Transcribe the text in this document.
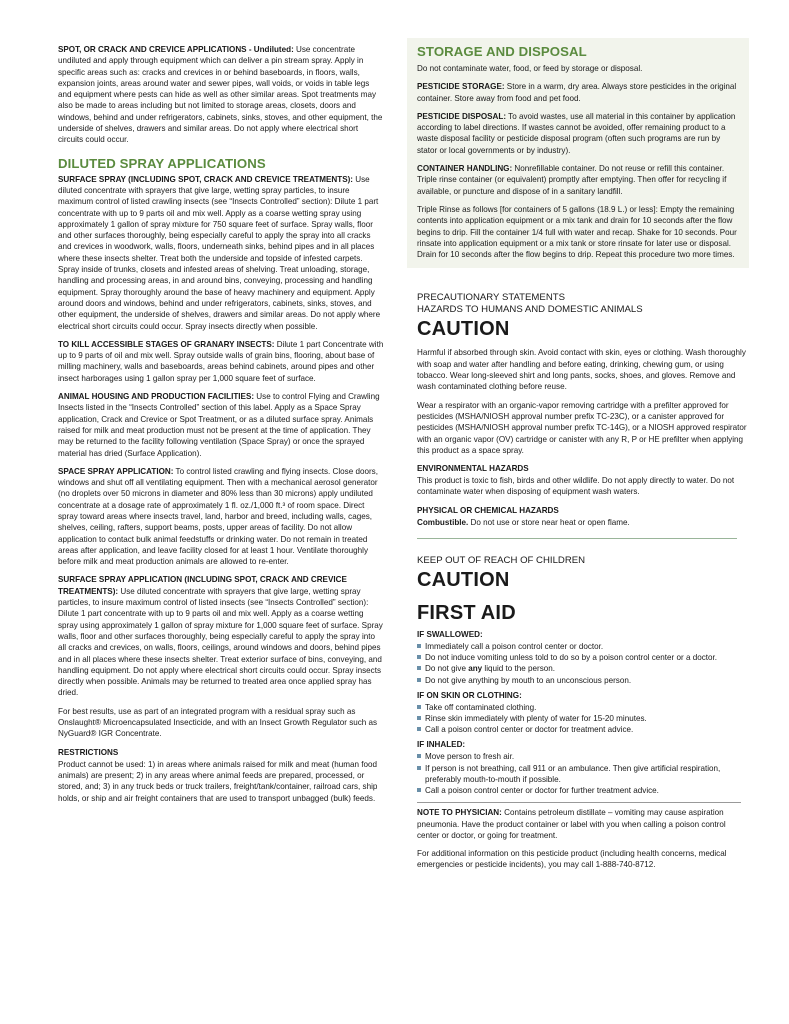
SPOT, OR CRACK AND CREVICE APPLICATIONS - Undiluted: Use concentrate undiluted and apply through equipment which can deliver a pin stream spray. Apply in specific areas such as: cracks and crevices in or behind baseboards, in floors, walls, expansion joints, areas around water and sewer pipes, wall voids, or voids in table legs and equipment where pests can hide as well as other similar areas. Spot treatments may also be made to areas including but not limited to storage areas, closets, doors and windows, behind and under refrigerators, cabinets, sinks, stoves, and other equipment, the underside of shelves, drawers and similar areas. Do not apply where electrical short circuits could occur.

DILUTED SPRAY APPLICATIONS

SURFACE SPRAY (INCLUDING SPOT, CRACK AND CREVICE TREATMENTS): Use diluted concentrate with sprayers that give large, wetting spray particles, to insure maximum control of listed crawling insects (see “Insects Controlled” section): Dilute 1 part concentrate with up to 9 parts oil and mix well. Apply as a coarse wetting spray using approximately 1 gallon of spray mixture for 750 square feet of surface. Spray walls, floor and other surfaces thoroughly, being especially careful to apply the spray into all cracks and crevices in woodwork, walls, floors, underneath sinks, behind pipes and in all places where these insects shelter. Treat both the underside and topside of infested carpets. Spray inside of trunks, closets and infested areas of shelving. Treat unloading, storage, handling and processing areas, in and around bins, conveying, processing and handling equipment. Spray thoroughly around the base of heavy machinery and equipment. Apply around doors and windows, behind and under refrigerators, cabinets, sinks, stoves, and other equipment, the underside of shelves, drawers and similar areas. Do not apply where electrical short circuits could occur. Spray insects directly when possible.

TO KILL ACCESSIBLE STAGES OF GRANARY INSECTS: Dilute 1 part Concentrate with up to 9 parts of oil and mix well. Spray outside walls of grain bins, flooring, about base of milling machinery, walls and baseboards, areas behind cabinets, around pipes and other insect harborages using 1 gallon spray per 1,000 square feet of surface.

ANIMAL HOUSING AND PRODUCTION FACILITIES: Use to control Flying and Crawling Insects listed in the “Insects Controlled” section of this label. Apply as a Space Spray application, Crack and Crevice or Spot Treatment, or as a diluted surface spray. Animals raised for milk and meat production must not be present at the time of application. They may be returned to the facility following ventilation (Space Spray) or once the sprayed material has dried (Surface Application).

SPACE SPRAY APPLICATION: To control listed crawling and flying insects. Close doors, windows and shut off all ventilating equipment. Then with a mechanical aerosol generator (no droplets over 50 microns in diameter and 80% less than 30 microns) apply undiluted concentrate at a dosage rate of approximately 1 fl. oz./1,000 ft.³ of room space. Direct spray toward areas where insects travel, land, harbor and breed, including walls, cages, shelves, ceiling, rafters, support beams, posts, upper areas of facility. Do not allow application to contact bulk animal feedstuffs or drinking water. Do not remain in treated areas after application, and leave facility closed for at least 1 hour. Ventilate thoroughly before milk and meat production animals are allowed to re-enter.

SURFACE SPRAY APPLICATION (INCLUDING SPOT, CRACK AND CREVICE TREATMENTS): Use diluted concentrate with sprayers that give large, wetting spray particles, to insure maximum control of listed insects (see “Insects Controlled” section): Dilute 1 part concentrate with up to 9 parts oil and mix well. Apply as a coarse wetting spray using approximately 1 gallon of spray mixture for 1,000 square feet of surface. Spray walls, floor and other surfaces thoroughly, being especially careful to apply the spray into all cracks and crevices, on walls, floors, ceilings, around windows and doors, behind pipes and in all places where these insects shelter. Treat exterior surface of bins, conveying, and handling equipment. Do not apply where electrical short circuits could occur. Spray insects directly when possible. Animals may be returned to treated area once applied spray has dried.

For best results, use as part of an integrated program with a residual spray such as Onslaught® Microencapsulated Insecticide, and with an Insect Growth Regulator such as NyGuard® IGR Concentrate.

RESTRICTIONS

Product cannot be used: 1) in areas where animals raised for milk and meat (human food animals) are present; 2) in any areas where animal feeds are prepared, processed, or stored, and; 3) in any truck beds or truck trailers, freight/tank/container, railroad cars, ship holds, or ship and air freight containers that are used to transport unbagged (bulk) feeds.

STORAGE AND DISPOSAL

Do not contaminate water, food, or feed by storage or disposal.

PESTICIDE STORAGE: Store in a warm, dry area. Always store pesticides in the original container. Store away from food and pet food.

PESTICIDE DISPOSAL: To avoid wastes, use all material in this container by application according to label directions. If wastes cannot be avoided, offer remaining product to a waste disposal facility or pesticide disposal program (often such programs are run by stator or local governments or by industry).

CONTAINER HANDLING: Nonrefillable container. Do not reuse or refill this container. Triple rinse container (or equivalent) promptly after emptying. Then offer for recycling if available, or puncture and dispose of in a sanitary landfill.

Triple Rinse as follows [for containers of 5 gallons (18.9 L.) or less]: Empty the remaining contents into application equipment or a mix tank and drain for 10 seconds after the flow begins to drip. Fill the container 1/4 full with water and recap. Shake for 10 seconds. Pour rinsate into application equipment or a mix tank or store rinsate for later use or disposal. Drain for 10 seconds after the flow begins to drip. Repeat this procedure two more times.

PRECAUTIONARY STATEMENTS

HAZARDS TO HUMANS AND DOMESTIC ANIMALS

CAUTION

Harmful if absorbed through skin. Avoid contact with skin, eyes or clothing. Wash thoroughly with soap and water after handling and before eating, drinking, chewing gum, or using tobacco. Wear long-sleeved shirt and long pants, socks, shoes, and gloves. Remove and wash contaminated clothing before reuse.

Wear a respirator with an organic-vapor removing cartridge with a prefilter approved for pesticides (MSHA/NIOSH approval number prefix TC-23C), or a canister approved for pesticides (MSHA/NIOSH approval number prefix TC-14G), or a NIOSH approved respirator with an organic vapor (OV) cartridge or canister with any R, P or HE prefilter when applying this product as a space spray.

ENVIRONMENTAL HAZARDS

This product is toxic to fish, birds and other wildlife. Do not apply directly to water. Do not contaminate water when disposing of equipment wash waters.

PHYSICAL OR CHEMICAL HAZARDS

Combustible. Do not use or store near heat or open flame.

KEEP OUT OF REACH OF CHILDREN

CAUTION
FIRST AID
IF SWALLOWED:
Immediately call a poison control center or doctor.
Do not induce vomiting unless told to do so by a poison control center or a doctor.
Do not give any liquid to the person.
Do not give anything by mouth to an unconscious person.
IF ON SKIN OR CLOTHING:
Take off contaminated clothing.
Rinse skin immediately with plenty of water for 15-20 minutes.
Call a poison control center or doctor for treatment advice.
IF INHALED:
Move person to fresh air.
If person is not breathing, call 911 or an ambulance. Then give artificial respiration, preferably mouth-to-mouth if possible.
Call a poison control center or doctor for further treatment advice.

NOTE TO PHYSICIAN: Contains petroleum distillate – vomiting may cause aspiration pneumonia. Have the product container or label with you when calling a poison control center or doctor, or going for treatment.

For additional information on this pesticide product (including health concerns, medical emergencies or pesticide incidents), you may call 1-888-740-8712.
